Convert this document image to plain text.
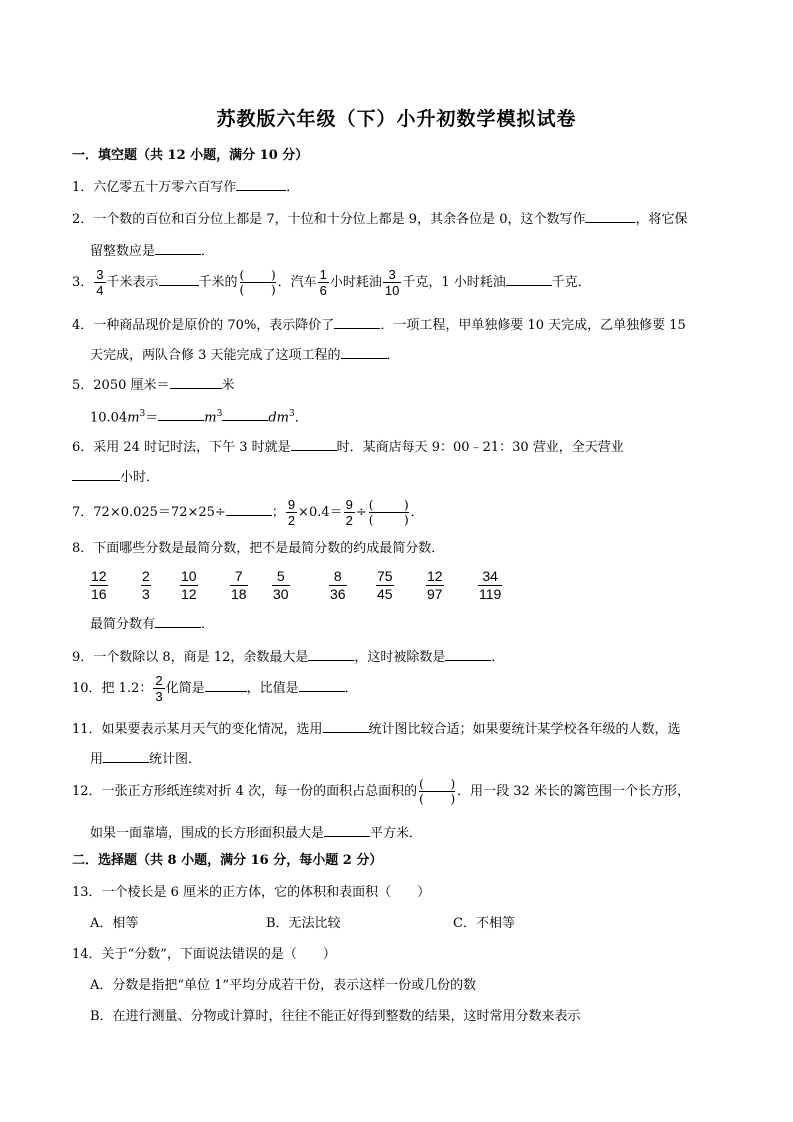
苏教版六年级（下）小升初数学模拟试卷
一．填空题（共 12 小题，满分 10 分）
1．六亿零五十万零六百写作	．
2．一个数的百位和百分位上都是 7，十位和十分位上都是 9，其余各位是 0，这个数写作	，将它保
留整数应是	．
3． $\frac{3}{4}$ 千米表示	千米的 ( )
( ) ．汽车 $\frac{1}{6}$ 小时耗油 $\frac{3}{10}$ 千克，1 小时耗油	千克．
4．一种商品现价是原价的 70%，表示降价了	．一项工程，甲单独修要 10 天完成，乙单独修要 15
天完成，两队合修 3 天能完成了这项工程的	．
5．2050 厘米＝	米
$10.04m^3=$	$m^3$	$dm^3$．
6．采用 24 时记时法，下午 3 时就是	时．某商店每天 9：00﹣21：30 营业，全天营业
小时．
7．72×0.025＝72×25÷	； $\frac{9}{2} \times 0.4= \frac{9}{2}$ ÷ (	)
(	) ．
8．下面哪些分数是最简分数，把不是最简分数的约成最简分数．
12
16
2
3
10
12
7
18
5
30
8
36
75
45
12
97
34
119
最简分数有	．
9．一个数除以 8，商是 12，余数最大是	，这时被除数是	．
10．把 1.2： $\frac{2}{3}$ 化简是	，比值是	．
11．如果要表示某月天气的变化情况，选用	统计图比较合适；如果要统计某学校各年级的人数，选
用	统计图．
12．一张正方形纸连续对折 4 次，每一份的面积占总面积的 ( )
( ) ．用一段 32 米长的篱笆围一个长方形，
如果一面靠墙，围成的长方形面积最大是	平方米．
二．选择题（共 8 小题，满分 16 分，每小题 2 分）
13．一个棱长是 6 厘米的正方体，它的体积和表面积（　　）
A．相等	B．无法比较	C．不相等
14．关于“分数”，下面说法错误的是（　　）
A．分数是指把“单位 1”平均分成若干份，表示这样一份或几份的数
B．在进行测量、分物或计算时，往往不能正好得到整数的结果，这时常用分数来表示
